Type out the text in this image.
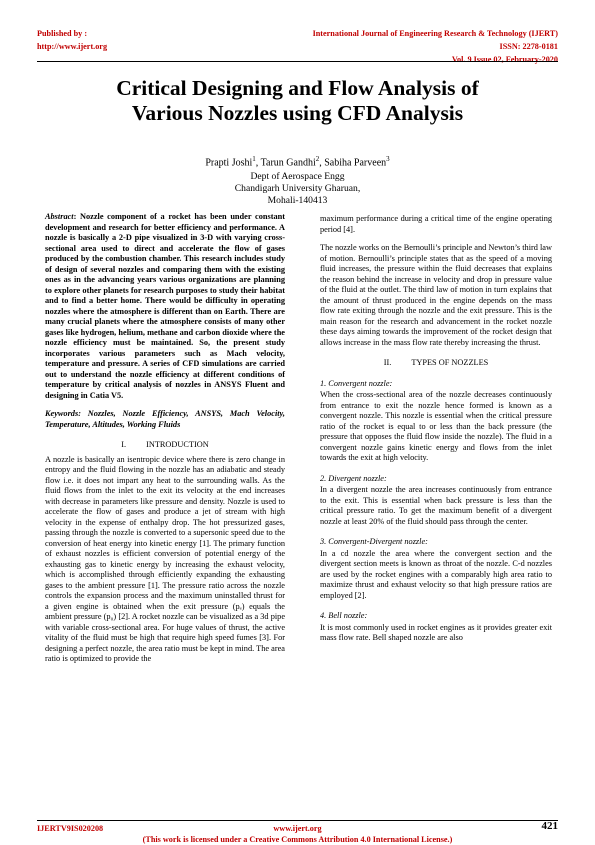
Published by :
http://www.ijert.org
International Journal of Engineering Research & Technology (IJERT)
ISSN: 2278-0181
Vol. 9 Issue 02, February-2020
Critical Designing and Flow Analysis of
Various Nozzles using CFD Analysis
Prapti Joshi$^1$, Tarun Gandhi$^2$, Sabiha Parveen$^3$
Dept of Aerospace Engg
Chandigarh University Gharuan,
Mohali-140413

Abstract: Nozzle component of a rocket has been under constant development and research for better efficiency and performance. A nozzle is basically a 2-D pipe visualized in 3-D with varying cross- sectional area used to direct and accelerate the flow of gases produced by the combustion chamber. This research includes study of design of several nozzles and comparing them with the existing ones as in the advancing years various organizations are planning to explore other planets for research purposes to study their habitat and to find a better home. There would be difficulty in operating nozzles where the atmosphere is different than on Earth. There are many crucial planets where the atmosphere consists of many other gases like hydrogen, helium, methane and carbon dioxide where the nozzle efficiency must be maintained. So, the present study incorporates various parameters such as Mach velocity, temperature and pressure. A series of CFD simulations are carried out to understand the nozzle efficiency at different conditions of temperature by critical analysis of nozzles in ANSYS Fluent and designing in Catia V5.

Keywords: Nozzles, Nozzle Efficiency, ANSYS, Mach Velocity, Temperature, Altitudes, Working Fluids

I. INTRODUCTION

A nozzle is basically an isentropic device where there is zero change in entropy and the fluid flowing in the nozzle has an adiabatic and steady flow i.e. it does not impart any heat to the surrounding walls. As the fluid flows from the inlet to the exit its velocity at the end increases with decrease in parameters like pressure and density. Nozzle is used to accelerate the flow of gases and produce a jet of stream with high velocity in the expense of enthalpy drop. The hot pressurized gases, passing through the nozzle is converted to a supersonic speed due to the conversion of heat energy into kinetic energy [1]. The primary function of exhaust nozzles is efficient conversion of potential energy of the exhausting gas to kinetic energy by increasing the exhaust velocity, which is accomplished through efficiently expanding the exhausting gases to the ambient pressure [1]. The pressure ratio across the nozzle controls the expansion process and the maximum uninstalled thrust for a given engine is obtained when the exit pressure (pₑ) equals the ambient pressure (p₀) [2]. A rocket nozzle can be visualized as a 3d pipe with variable cross-sectional area. For huge values of thrust, the active vitality of the fluid must be high that require high speed fumes [3]. For designing a perfect nozzle, the area ratio must be kept in mind. The area ratio is optimized to provide the

maximum performance during a critical time of the engine operating period [4].

The nozzle works on the Bernoulli’s principle and Newton’s third law of motion. Bernoulli’s principle states that as the speed of a moving fluid increases, the pressure within the fluid decreases that explains the reason behind the increase in velocity and drop in pressure value of the fluid at the outlet. The third law of motion in turn explains that the amount of thrust produced in the engine depends on the mass flow rate exiting through the nozzle and the exit pressure. This is the main reason for the research and advancement in the rocket nozzle these days aiming towards the improvement of the rocket design that allows increase in the mass flow rate thereby increasing the thrust.

II. TYPES OF NOZZLES
1. Convergent nozzle:

When the cross-sectional area of the nozzle decreases continuously from entrance to exit the nozzle hence formed is known as a convergent nozzle. This nozzle is essential when the critical pressure ratio of the rocket is equal to or less than the back pressure (the pressure that opposes the fluid flow inside the nozzle). The fluid in a convergent nozzle gains kinetic energy and flows from the inlet towards the exit at high velocity.

2. Divergent nozzle:

In a divergent nozzle the area increases continuously from entrance to the exit. This is essential when back pressure is less than the critical pressure ratio. To get the maximum benefit of a divergent nozzle at least 20% of the fluid should pass through the center.

3. Convergent-Divergent nozzle:

In a cd nozzle the area where the convergent section and the divergent section meets is known as throat of the nozzle. C-d nozzles are used by the rocket engines with a comparably high area ratio to maximize thrust and exhaust velocity so that high pressure ratios are employed [2].

4. Bell nozzle:

It is most commonly used in rocket engines as it provides greater exit mass flow rate. Bell shaped nozzle are also

IJERTV9IS020208	www.ijert.org
(This work is licensed under a Creative Commons Attribution 4.0 International License.)
421
